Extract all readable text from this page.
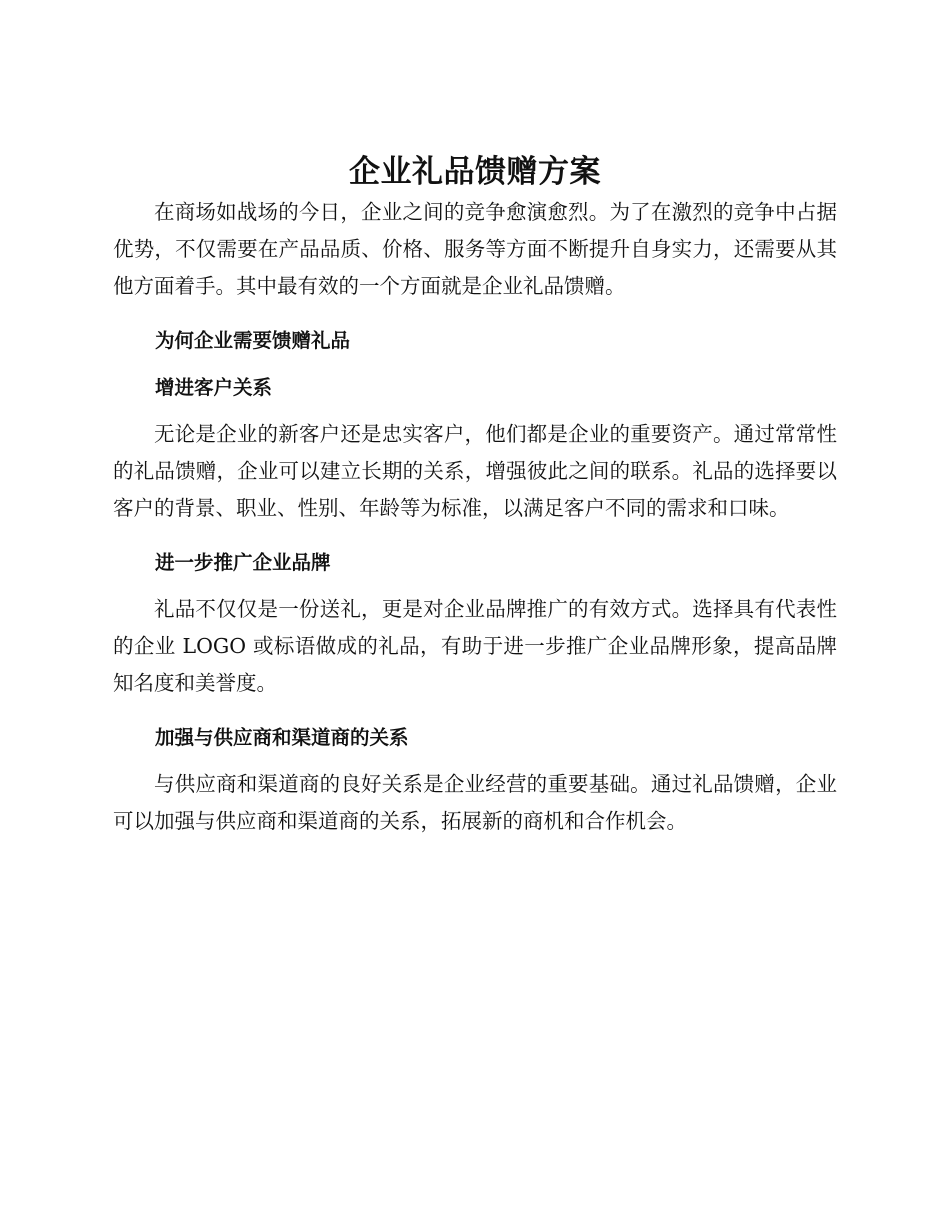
企业礼品馈赠方案

在商场如战场的今日，企业之间的竞争愈演愈烈。为了在激烈的竞争中占据优势，不仅需要在产品品质、价格、服务等方面不断提升自身实力，还需要从其他方面着手。其中最有效的一个方面就是企业礼品馈赠。

为何企业需要馈赠礼品

增进客户关系

无论是企业的新客户还是忠实客户，他们都是企业的重要资产。通过常常性的礼品馈赠，企业可以建立长期的关系，增强彼此之间的联系。礼品的选择要以客户的背景、职业、性别、年龄等为标准，以满足客户不同的需求和口味。

进一步推广企业品牌

礼品不仅仅是一份送礼，更是对企业品牌推广的有效方式。选择具有代表性的企业 LOGO 或标语做成的礼品，有助于进一步推广企业品牌形象，提高品牌知名度和美誉度。

加强与供应商和渠道商的关系

与供应商和渠道商的良好关系是企业经营的重要基础。通过礼品馈赠，企业可以加强与供应商和渠道商的关系，拓展新的商机和合作机会。
